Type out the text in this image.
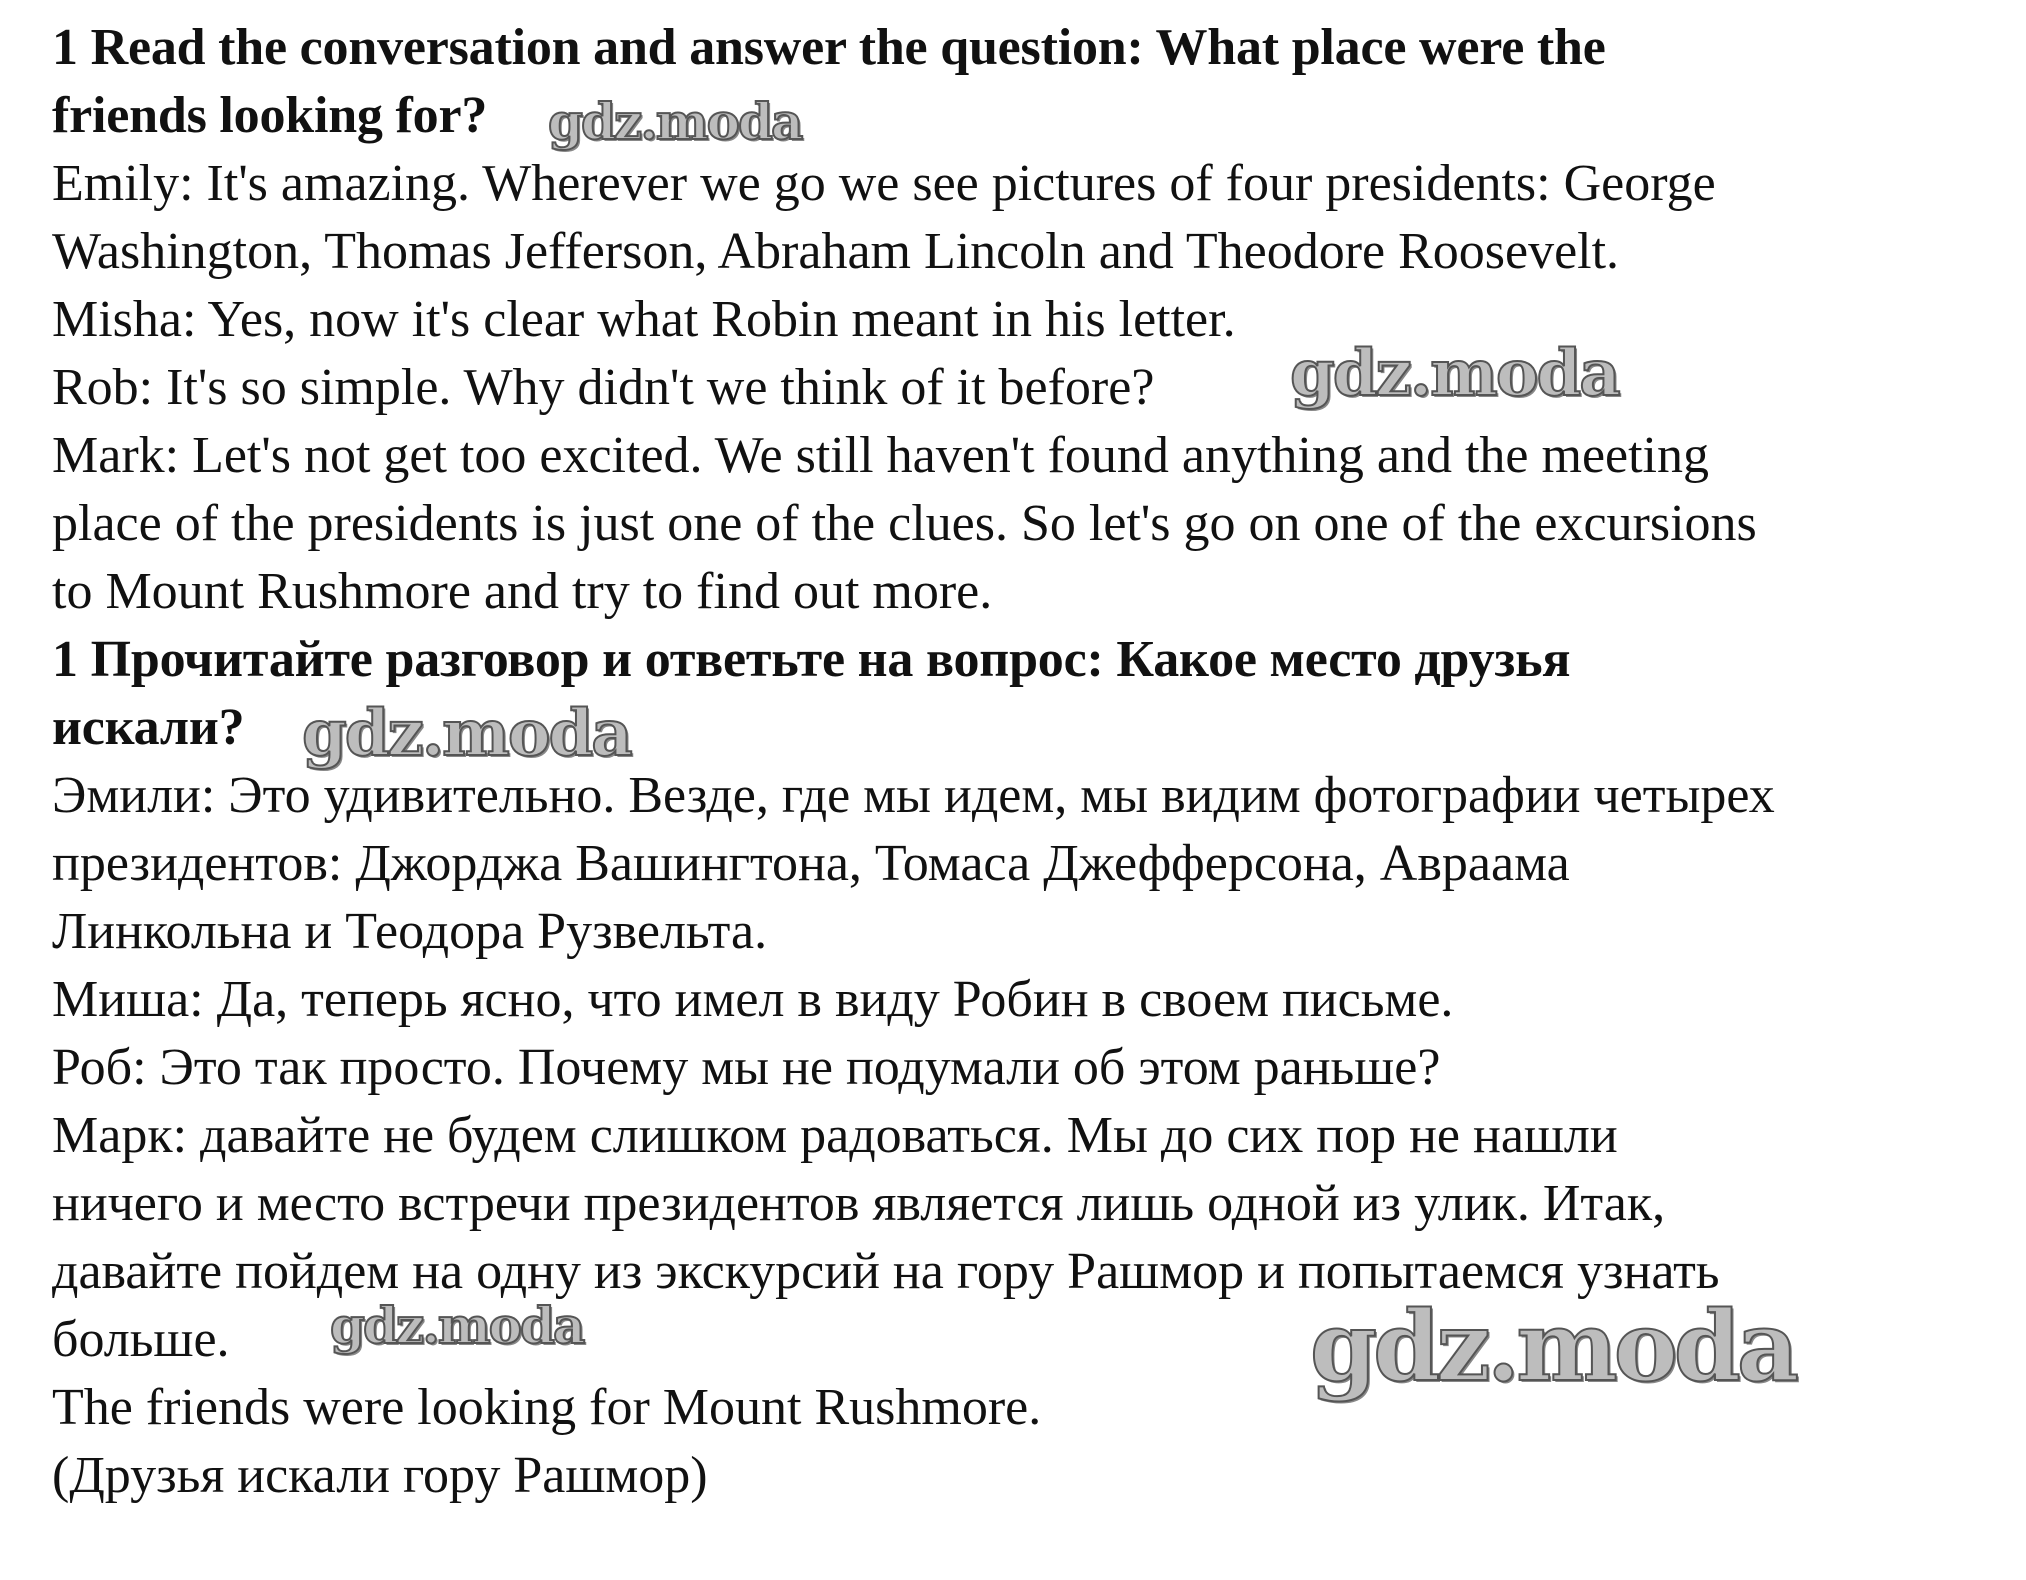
1 Read the conversation and answer the question: What place were the
friends looking for?
Emily: It's amazing. Wherever we go we see pictures of four presidents: George
Washington, Thomas Jefferson, Abraham Lincoln and Theodore Roosevelt.
Misha: Yes, now it's clear what Robin meant in his letter.
Rob: It's so simple. Why didn't we think of it before?
Mark: Let's not get too excited. We still haven't found anything and the meeting
place of the presidents is just one of the clues. So let's go on one of the excursions
to Mount Rushmore and try to find out more.
1 Прочитайте разговор и ответьте на вопрос: Какое место друзья
искали?
Эмили: Это удивительно. Везде, где мы идем, мы видим фотографии четырех
президентов: Джорджа Вашингтона, Томаса Джефферсона, Авраама
Линкольна и Теодора Рузвельта.
Миша: Да, теперь ясно, что имел в виду Робин в своем письме.
Роб: Это так просто. Почему мы не подумали об этом раньше?
Марк: давайте не будем слишком радоваться. Мы до сих пор не нашли
ничего и место встречи президентов является лишь одной из улик. Итак,
давайте пойдем на одну из экскурсий на гору Рашмор и попытаемся узнать
больше.
The friends were looking for Mount Rushmore.
(Друзья искали гору Рашмор)
gdz.moda
gdz.moda
gdz.moda
gdz.moda	gdz.moda
